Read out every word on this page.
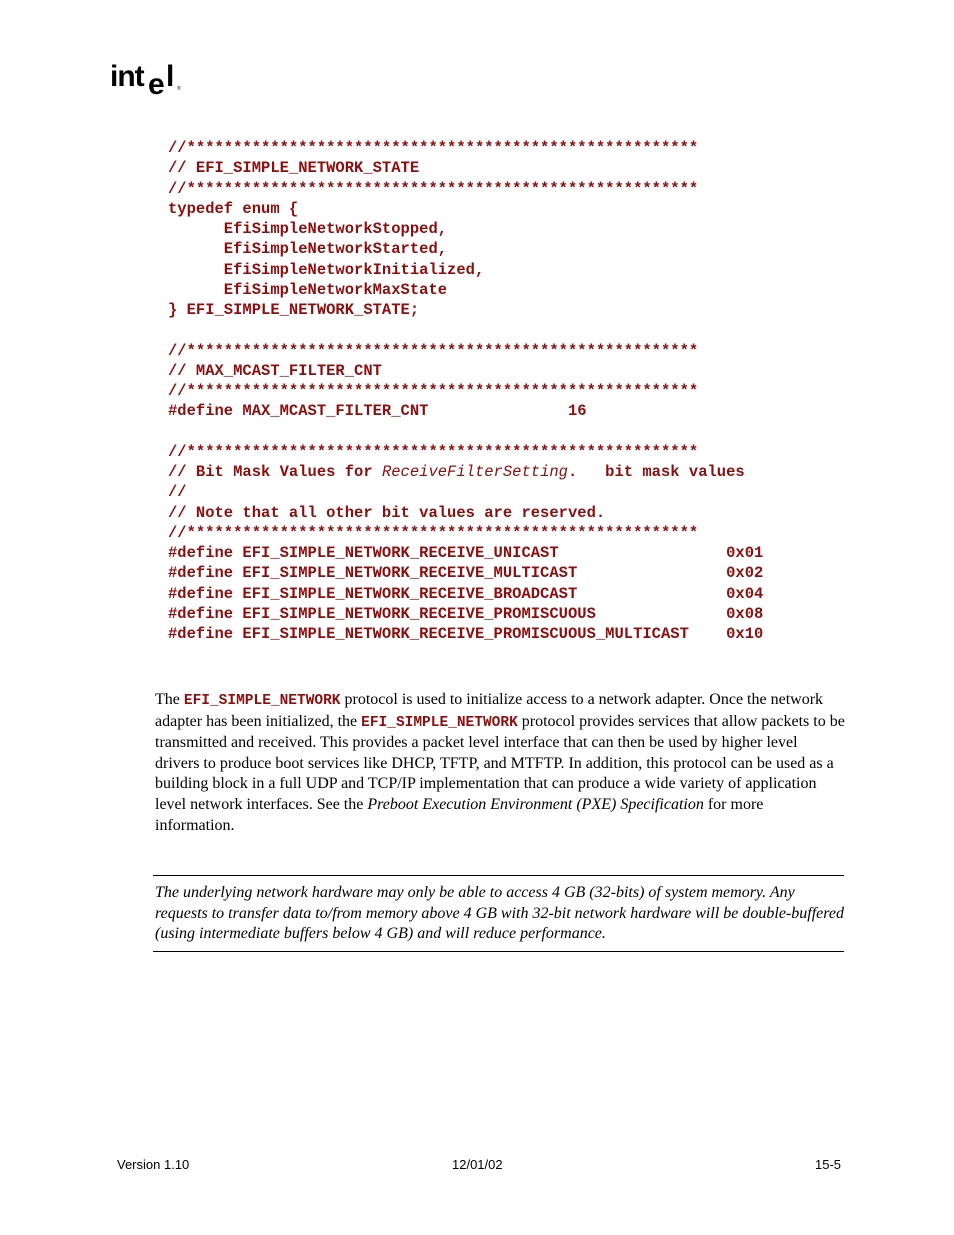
int e l ®
//*******************************************************
// EFI_SIMPLE_NETWORK_STATE
//*******************************************************
typedef enum {
EfiSimpleNetworkStopped,
EfiSimpleNetworkStarted,
EfiSimpleNetworkInitialized,
EfiSimpleNetworkMaxState
} EFI_SIMPLE_NETWORK_STATE;
//*******************************************************
// MAX_MCAST_FILTER_CNT
//*******************************************************
#define MAX_MCAST_FILTER_CNT               16
//*******************************************************
// Bit Mask Values for ReceiveFilterSetting.   bit mask values
//
// Note that all other bit values are reserved.
//*******************************************************
#define EFI_SIMPLE_NETWORK_RECEIVE_UNICAST                  0x01
#define EFI_SIMPLE_NETWORK_RECEIVE_MULTICAST                0x02
#define EFI_SIMPLE_NETWORK_RECEIVE_BROADCAST                0x04
#define EFI_SIMPLE_NETWORK_RECEIVE_PROMISCUOUS              0x08
#define EFI_SIMPLE_NETWORK_RECEIVE_PROMISCUOUS_MULTICAST    0x10

The EFI_SIMPLE_NETWORK protocol is used to initialize access to a network adapter. Once the network adapter has been initialized, the EFI_SIMPLE_NETWORK protocol provides services that allow packets to be transmitted and received. This provides a packet level interface that can then be used by higher level drivers to produce boot services like DHCP, TFTP, and MTFTP. In addition, this protocol can be used as a building block in a full UDP and TCP/IP implementation that can produce a wide variety of application level network interfaces. See the Preboot Execution Environment (PXE) Specification for more information.

The underlying network hardware may only be able to access 4 GB (32-bits) of system memory. Any requests to transfer data to/from memory above 4 GB with 32-bit network hardware will be double-buffered (using intermediate buffers below 4 GB) and will reduce performance.

Version 1.10	12/01/02	15-5
